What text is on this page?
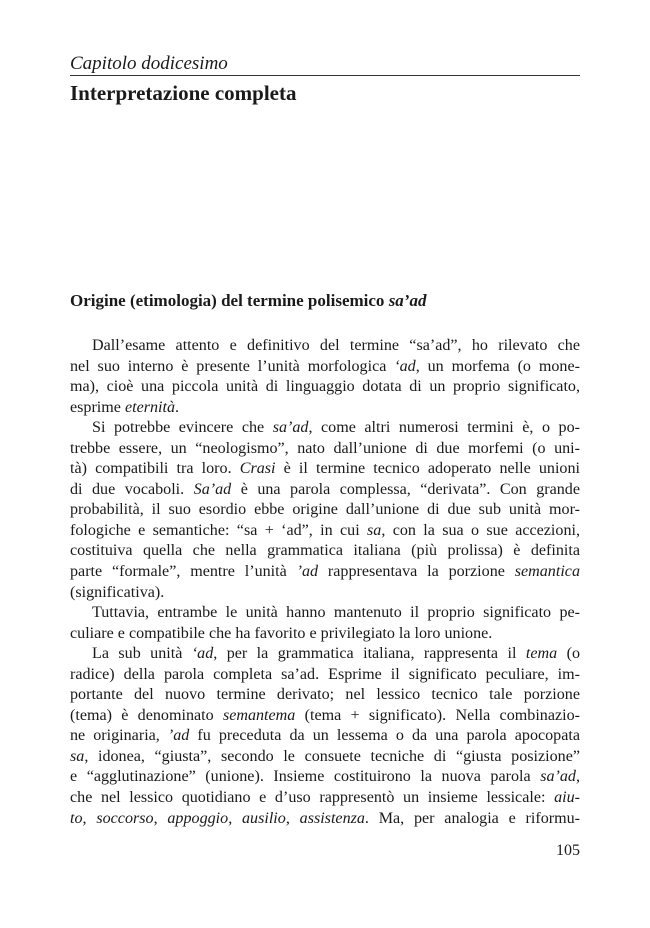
Capitolo dodicesimo
Interpretazione completa
Origine (etimologia) del termine polisemico sa’ad
Dall’esame attento e definitivo del termine “sa’ad”, ho rilevato che
nel suo interno è presente l’unità morfologica ‘ad, un morfema (o mone-
ma), cioè una piccola unità di linguaggio dotata di un proprio significato,
esprime eternità.
Si potrebbe evincere che sa’ad, come altri numerosi termini è, o po-
trebbe essere, un “neologismo”, nato dall’unione di due morfemi (o uni-
tà) compatibili tra loro. Crasi è il termine tecnico adoperato nelle unioni
di due vocaboli. Sa’ad è una parola complessa, “derivata”. Con grande
probabilità, il suo esordio ebbe origine dall’unione di due sub unità mor-
fologiche e semantiche: “sa + ‘ad”, in cui sa, con la sua o sue accezioni,
costituiva quella che nella grammatica italiana (più prolissa) è definita
parte “formale”, mentre l’unità ’ad rappresentava la porzione semantica
(significativa).
Tuttavia, entrambe le unità hanno mantenuto il proprio significato pe-
culiare e compatibile che ha favorito e privilegiato la loro unione.
La sub unità ‘ad, per la grammatica italiana, rappresenta il tema (o
radice) della parola completa sa’ad. Esprime il significato peculiare, im-
portante del nuovo termine derivato; nel lessico tecnico tale porzione
(tema) è denominato semantema (tema + significato). Nella combinazio-
ne originaria, ’ad fu preceduta da un lessema o da una parola apocopata
sa, idonea, “giusta”, secondo le consuete tecniche di “giusta posizione”
e “agglutinazione” (unione). Insieme costituirono la nuova parola sa’ad,
che nel lessico quotidiano e d’uso rappresentò un insieme lessicale: aiu-
to, soccorso, appoggio, ausilio, assistenza. Ma, per analogia e riformu-
105
